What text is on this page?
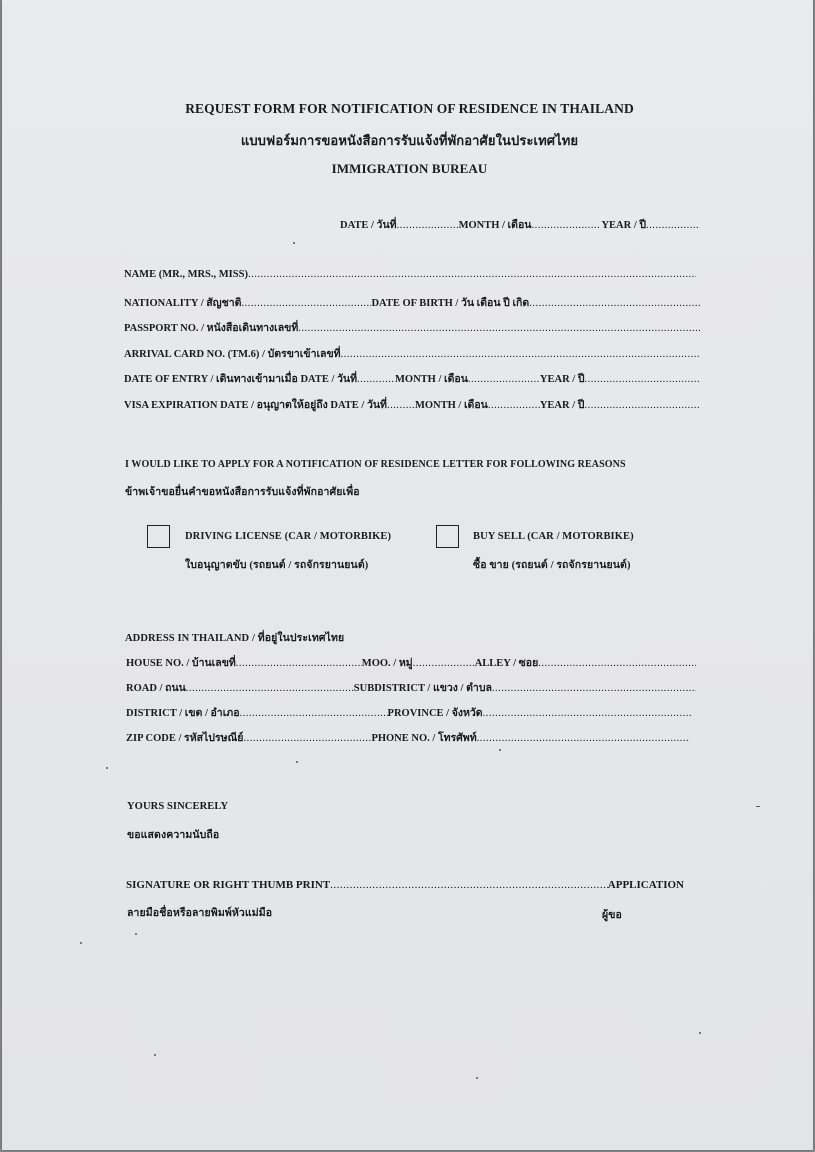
REQUEST FORM FOR NOTIFICATION OF RESIDENCE IN THAILAND
แบบฟอร์มการขอหนังสือการรับแจ้งที่พักอาศัยในประเทศไทย
IMMIGRATION BUREAU
DATE / วันที่ .....	MONTH / เดือน .....	YEAR / ปี
.....
NAME (MR., MRS., MISS)
.....
NATIONALITY / สัญชาติ .....	DATE OF BIRTH / วัน เดือน ปี เกิด
.....
PASSPORT NO. / หนังสือเดินทางเลขที่
.....
ARRIVAL CARD NO. (TM.6) / บัตรขาเข้าเลขที่
.....
DATE OF ENTRY / เดินทางเข้ามาเมื่อ DATE / วันที่ .....	MONTH / เดือน .....	YEAR / ปี
.....
VISA EXPIRATION DATE / อนุญาตให้อยู่ถึง DATE / วันที่ .....	MONTH / เดือน .....	YEAR / ปี
.....
I WOULD LIKE TO APPLY FOR A NOTIFICATION OF RESIDENCE LETTER FOR FOLLOWING REASONS
ข้าพเจ้าขอยื่นคำขอหนังสือการรับแจ้งที่พักอาศัยเพื่อ
DRIVING LICENSE (CAR / MOTORBIKE)
ใบอนุญาตขับ (รถยนต์ / รถจักรยานยนต์)
BUY SELL (CAR / MOTORBIKE)
ซื้อ ขาย (รถยนต์ / รถจักรยานยนต์)
ADDRESS IN THAILAND / ที่อยู่ในประเทศไทย
HOUSE NO. / บ้านเลขที่ .....	MOO. / หมู่ .....	ALLEY / ซอย
.....
ROAD / ถนน .....	SUBDISTRICT / แขวง / ตำบล
.....
DISTRICT / เขต / อำเภอ .....	PROVINCE / จังหวัด
.....
ZIP CODE / รหัสไปรษณีย์ .....	PHONE NO. / โทรศัพท์
.....
YOURS SINCERELY
ขอแสดงความนับถือ
SIGNATURE OR RIGHT THUMB PRINT .....	APPLICATION
ลายมือชื่อหรือลายพิมพ์หัวแม่มือ	ผู้ขอ
